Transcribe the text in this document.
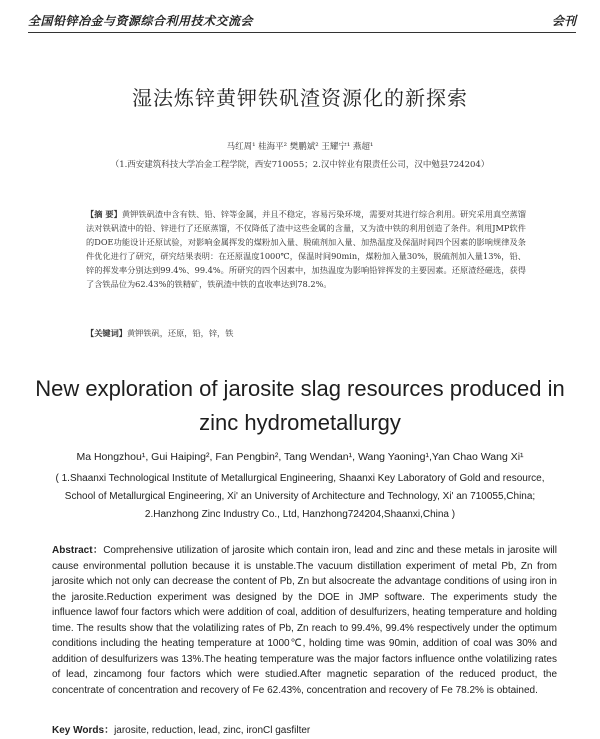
全国铅锌冶金与资源综合利用技术交流会	会刊
湿法炼锌黄钾铁矾渣资源化的新探索
马红周¹ 桂海平² 樊鹏斌² 王耀宁¹ 燕超¹
（1.西安建筑科技大学冶金工程学院，西安710055；2.汉中锌业有限责任公司，汉中勉县724204）
【摘 要】黄钾铁矾渣中含有铁、铅、锌等金属，并且不稳定，容易污染环境，需要对其进行综合利用。研究采用真空蒸馏法对铁矾渣中的铅、锌进行了还原蒸馏，不仅降低了渣中这些金属的含量，又为渣中铁的利用创造了条件。利用JMP软件的DOE功能设计还原试验，对影响金属挥发的煤粉加入量、脱硫剂加入量、加热温度及保温时间四个因素的影响规律及条件优化进行了研究，研究结果表明：在还原温度1000℃，保温时间90min，煤粉加入量30%，脱硫剂加入量13%，铅、锌的挥发率分别达到99.4%、99.4%。所研究的四个因素中，加热温度为影响铅锌挥发的主要因素。还原渣经磁选，获得了含铁品位为62.43%的铁精矿，铁矾渣中铁的直收率达到78.2%。
【关键词】黄钾铁矾，还原，铅，锌，铁
New exploration of jarosite slag resources produced in zinc hydrometallurgy
Ma Hongzhou¹, Gui Haiping², Fan Pengbin², Tang Wendan¹, Wang Yaoning¹,Yan Chao Wang Xi¹
( 1.Shaanxi Technological Institute of Metallurgical Engineering, Shaanxi Key Laboratory of Gold and resource, School of Metallurgical Engineering, Xi' an University of Architecture and Technology, Xi' an 710055,China; 2.Hanzhong Zinc Industry Co., Ltd, Hanzhong724204,Shaanxi,China )
Abstract：Comprehensive utilization of jarosite which contain iron, lead and zinc and these metals in jarosite will cause environmental pollution because it is unstable.The vacuum distillation experiment of metal Pb, Zn from jarosite which not only can decrease the content of Pb, Zn but alsocreate the advantage conditions of using iron in the jarosite.Reduction experiment was designed by the DOE in JMP software. The experiments study the influence lawof four factors which were addition of coal, addition of desulfurizers, heating temperature and holding time. The results show that the volatilizing rates of Pb, Zn reach to 99.4%, 99.4% respectively under the optimum conditions including the heating temperature at 1000℃, holding time was 90min, addition of coal was 30% and addition of desulfurizers was 13%.The heating temperature was the major factors influence onthe volatilizing rates of lead, zincamong four factors which were studied.After magnetic separation of the reduced product, the concentrate of concentration and recovery of Fe 62.43%, concentration and recovery of Fe 78.2% is obtained.
Key Words：jarosite, reduction, lead, zinc, ironCl gasfilter
